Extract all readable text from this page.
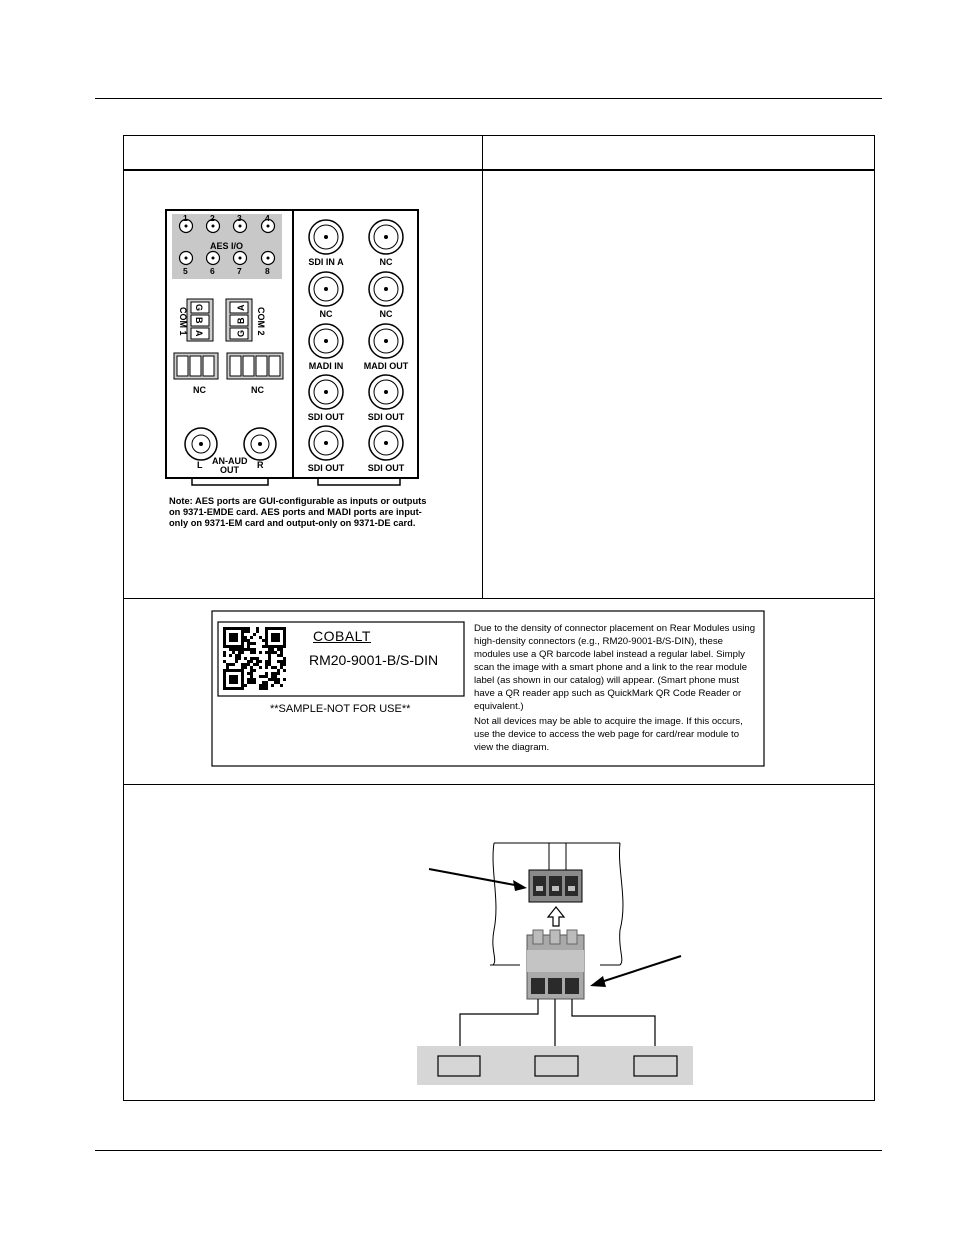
1	2	3	4
5	6	7	8
SDI IN A	NC
NC	NC
MADI IN MADI OUT
SDI OUT	SDI OUT
SDI OUT	SDI OUT
AES I/O
COM 1	COM 2
G
B
A	G
B
A
NC	NC
AN-AUD
OUT
L	R
Note: AES ports are GUI-configurable as inputs or outputs on 9371-EMDE card. AES ports and MADI ports are input-only on 9371-EM card and output-only on 9371-DE card.
COBALT
RM20-9001-B/S-DIN
**SAMPLE-NOT FOR USE**

Due to the density of connector placement on Rear Modules using high-density connectors (e.g., RM20-9001-B/S-DIN), these modules use a QR barcode label instead a regular label. Simply scan the image with a smart phone and a link to the rear module label (as shown in our catalog) will appear. (Smart phone must have a QR reader app such as QuickMark QR Code Reader or equivalent.)

Not all devices may be able to acquire the image. If this occurs, use the device to access the web page for card/rear module to view the diagram.
